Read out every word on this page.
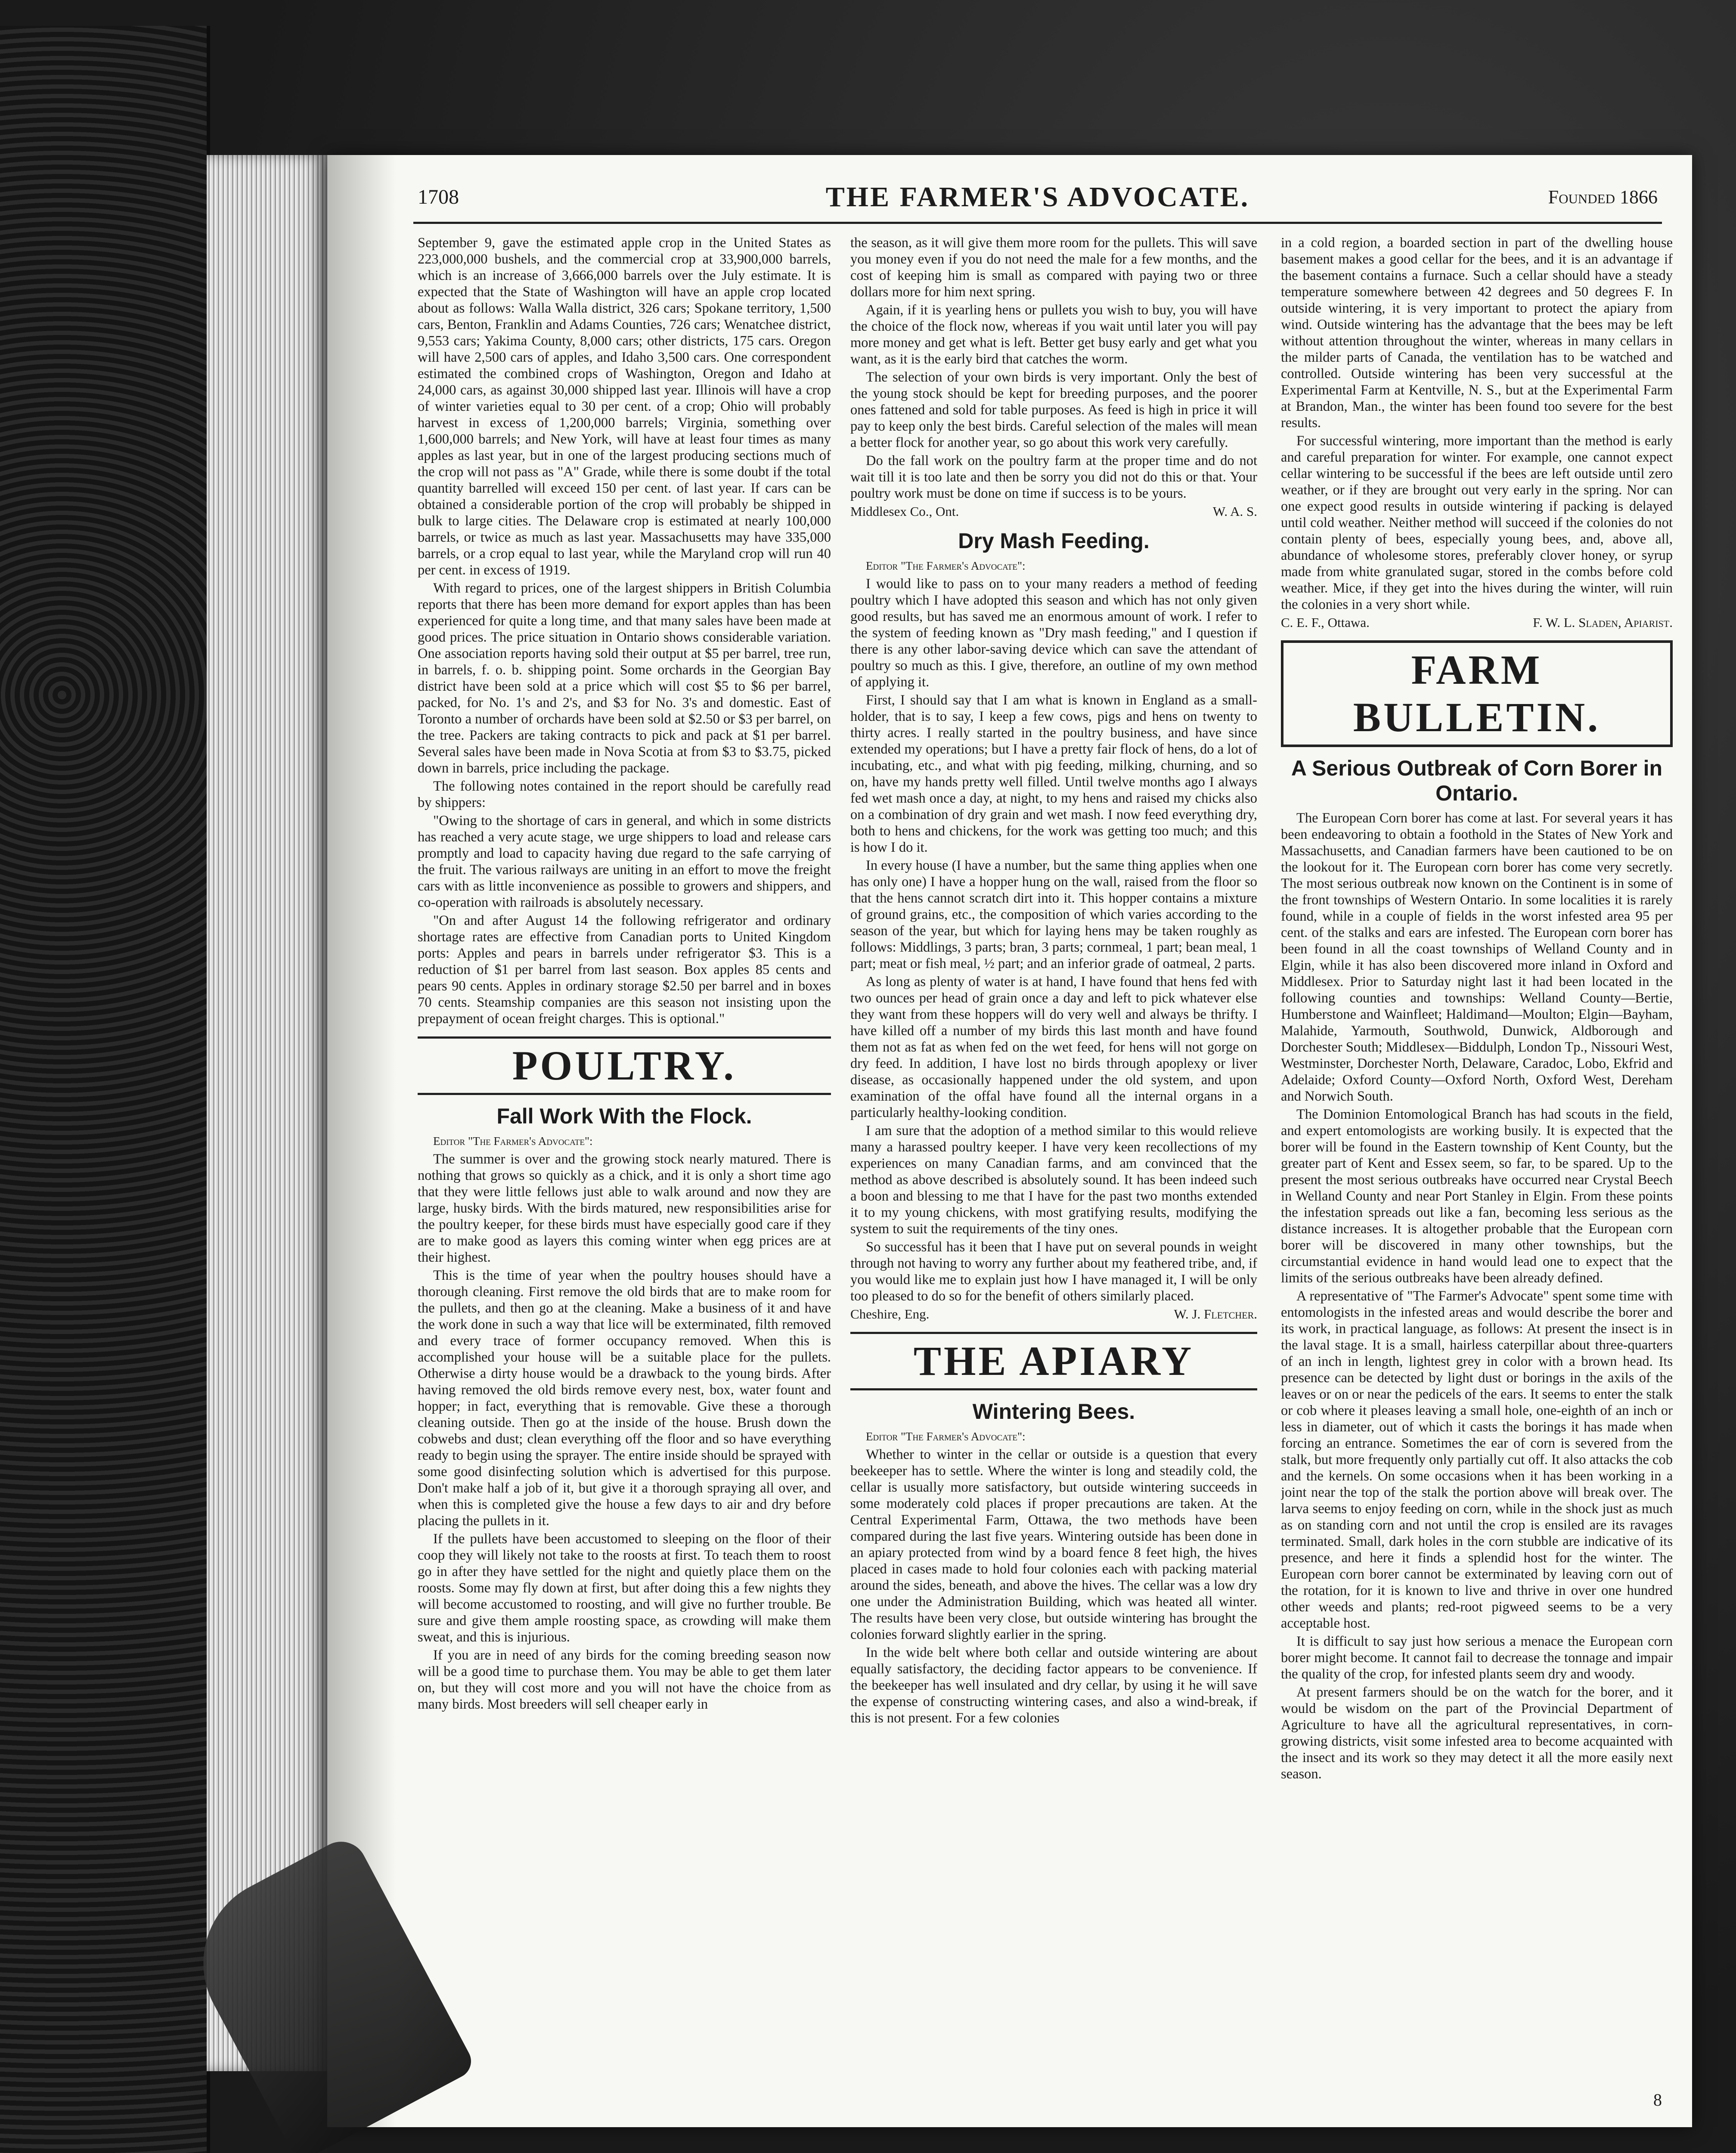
1708	THE FARMER'S ADVOCATE.	Founded 1866

September 9, gave the estimated apple crop in the United States as 223,000,000 bushels, and the commercial crop at 33,900,000 barrels, which is an increase of 3,666,000 barrels over the July estimate. It is expected that the State of Washington will have an apple crop located about as follows: Walla Walla district, 326 cars; Spokane territory, 1,500 cars, Benton, Franklin and Adams Counties, 726 cars; Wenatchee district, 9,553 cars; Yakima County, 8,000 cars; other districts, 175 cars. Oregon will have 2,500 cars of apples, and Idaho 3,500 cars. One correspondent estimated the combined crops of Washington, Oregon and Idaho at 24,000 cars, as against 30,000 shipped last year. Illinois will have a crop of winter varieties equal to 30 per cent. of a crop; Ohio will probably harvest in excess of 1,200,000 barrels; Virginia, something over 1,600,000 barrels; and New York, will have at least four times as many apples as last year, but in one of the largest producing sections much of the crop will not pass as "A" Grade, while there is some doubt if the total quantity barrelled will exceed 150 per cent. of last year. If cars can be obtained a considerable portion of the crop will probably be shipped in bulk to large cities. The Delaware crop is estimated at nearly 100,000 barrels, or twice as much as last year. Massachusetts may have 335,000 barrels, or a crop equal to last year, while the Maryland crop will run 40 per cent. in excess of 1919.

With regard to prices, one of the largest shippers in British Columbia reports that there has been more demand for export apples than has been experienced for quite a long time, and that many sales have been made at good prices. The price situation in Ontario shows considerable variation. One association reports having sold their output at $5 per barrel, tree run, in barrels, f. o. b. shipping point. Some orchards in the Georgian Bay district have been sold at a price which will cost $5 to $6 per barrel, packed, for No. 1's and 2's, and $3 for No. 3's and domestic. East of Toronto a number of orchards have been sold at $2.50 or $3 per barrel, on the tree. Packers are taking contracts to pick and pack at $1 per barrel. Several sales have been made in Nova Scotia at from $3 to $3.75, picked down in barrels, price including the package.

The following notes contained in the report should be carefully read by shippers:

"Owing to the shortage of cars in general, and which in some districts has reached a very acute stage, we urge shippers to load and release cars promptly and load to capacity having due regard to the safe carrying of the fruit. The various railways are uniting in an effort to move the freight cars with as little inconvenience as possible to growers and shippers, and co-operation with railroads is absolutely necessary.

"On and after August 14 the following refrigerator and ordinary shortage rates are effective from Canadian ports to United Kingdom ports: Apples and pears in barrels under refrigerator $3. This is a reduction of $1 per barrel from last season. Box apples 85 cents and pears 90 cents. Apples in ordinary storage $2.50 per barrel and in boxes 70 cents. Steamship companies are this season not insisting upon the prepayment of ocean freight charges. This is optional."

POULTRY.
Fall Work With the Flock.

Editor "The Farmer's Advocate":

The summer is over and the growing stock nearly matured. There is nothing that grows so quickly as a chick, and it is only a short time ago that they were little fellows just able to walk around and now they are large, husky birds. With the birds matured, new responsibilities arise for the poultry keeper, for these birds must have especially good care if they are to make good as layers this coming winter when egg prices are at their highest.

This is the time of year when the poultry houses should have a thorough cleaning. First remove the old birds that are to make room for the pullets, and then go at the cleaning. Make a business of it and have the work done in such a way that lice will be exterminated, filth removed and every trace of former occupancy removed. When this is accomplished your house will be a suitable place for the pullets. Otherwise a dirty house would be a drawback to the young birds. After having removed the old birds remove every nest, box, water fount and hopper; in fact, everything that is removable. Give these a thorough cleaning outside. Then go at the inside of the house. Brush down the cobwebs and dust; clean everything off the floor and so have everything ready to begin using the sprayer. The entire inside should be sprayed with some good disinfecting solution which is advertised for this purpose. Don't make half a job of it, but give it a thorough spraying all over, and when this is completed give the house a few days to air and dry before placing the pullets in it.

If the pullets have been accustomed to sleeping on the floor of their coop they will likely not take to the roosts at first. To teach them to roost go in after they have settled for the night and quietly place them on the roosts. Some may fly down at first, but after doing this a few nights they will become accustomed to roosting, and will give no further trouble. Be sure and give them ample roosting space, as crowding will make them sweat, and this is injurious.

If you are in need of any birds for the coming breeding season now will be a good time to purchase them. You may be able to get them later on, but they will cost more and you will not have the choice from as many birds. Most breeders will sell cheaper early in

the season, as it will give them more room for the pullets. This will save you money even if you do not need the male for a few months, and the cost of keeping him is small as compared with paying two or three dollars more for him next spring.

Again, if it is yearling hens or pullets you wish to buy, you will have the choice of the flock now, whereas if you wait until later you will pay more money and get what is left. Better get busy early and get what you want, as it is the early bird that catches the worm.

The selection of your own birds is very important. Only the best of the young stock should be kept for breeding purposes, and the poorer ones fattened and sold for table purposes. As feed is high in price it will pay to keep only the best birds. Careful selection of the males will mean a better flock for another year, so go about this work very carefully.

Do the fall work on the poultry farm at the proper time and do not wait till it is too late and then be sorry you did not do this or that. Your poultry work must be done on time if success is to be yours.

Middlesex Co., Ont.	W. A. S.
Dry Mash Feeding.

Editor "The Farmer's Advocate":

I would like to pass on to your many readers a method of feeding poultry which I have adopted this season and which has not only given good results, but has saved me an enormous amount of work. I refer to the system of feeding known as "Dry mash feeding," and I question if there is any other labor-saving device which can save the attendant of poultry so much as this. I give, therefore, an outline of my own method of applying it.

First, I should say that I am what is known in England as a small-holder, that is to say, I keep a few cows, pigs and hens on twenty to thirty acres. I really started in the poultry business, and have since extended my operations; but I have a pretty fair flock of hens, do a lot of incubating, etc., and what with pig feeding, milking, churning, and so on, have my hands pretty well filled. Until twelve months ago I always fed wet mash once a day, at night, to my hens and raised my chicks also on a combination of dry grain and wet mash. I now feed everything dry, both to hens and chickens, for the work was getting too much; and this is how I do it.

In every house (I have a number, but the same thing applies when one has only one) I have a hopper hung on the wall, raised from the floor so that the hens cannot scratch dirt into it. This hopper contains a mixture of ground grains, etc., the composition of which varies according to the season of the year, but which for laying hens may be taken roughly as follows: Middlings, 3 parts; bran, 3 parts; cornmeal, 1 part; bean meal, 1 part; meat or fish meal, ½ part; and an inferior grade of oatmeal, 2 parts.

As long as plenty of water is at hand, I have found that hens fed with two ounces per head of grain once a day and left to pick whatever else they want from these hoppers will do very well and always be thrifty. I have killed off a number of my birds this last month and have found them not as fat as when fed on the wet feed, for hens will not gorge on dry feed. In addition, I have lost no birds through apoplexy or liver disease, as occasionally happened under the old system, and upon examination of the offal have found all the internal organs in a particularly healthy-looking condition.

I am sure that the adoption of a method similar to this would relieve many a harassed poultry keeper. I have very keen recollections of my experiences on many Canadian farms, and am convinced that the method as above described is absolutely sound. It has been indeed such a boon and blessing to me that I have for the past two months extended it to my young chickens, with most gratifying results, modifying the system to suit the requirements of the tiny ones.

So successful has it been that I have put on several pounds in weight through not having to worry any further about my feathered tribe, and, if you would like me to explain just how I have managed it, I will be only too pleased to do so for the benefit of others similarly placed.

Cheshire, Eng.	W. J. Fletcher.
THE APIARY
Wintering Bees.

Editor "The Farmer's Advocate":

Whether to winter in the cellar or outside is a question that every beekeeper has to settle. Where the winter is long and steadily cold, the cellar is usually more satisfactory, but outside wintering succeeds in some moderately cold places if proper precautions are taken. At the Central Experimental Farm, Ottawa, the two methods have been compared during the last five years. Wintering outside has been done in an apiary protected from wind by a board fence 8 feet high, the hives placed in cases made to hold four colonies each with packing material around the sides, beneath, and above the hives. The cellar was a low dry one under the Administration Building, which was heated all winter. The results have been very close, but outside wintering has brought the colonies forward slightly earlier in the spring.

In the wide belt where both cellar and outside wintering are about equally satisfactory, the deciding factor appears to be convenience. If the beekeeper has well insulated and dry cellar, by using it he will save the expense of constructing wintering cases, and also a wind-break, if this is not present. For a few colonies

in a cold region, a boarded section in part of the dwelling house basement makes a good cellar for the bees, and it is an advantage if the basement contains a furnace. Such a cellar should have a steady temperature somewhere between 42 degrees and 50 degrees F. In outside wintering, it is very important to protect the apiary from wind. Outside wintering has the advantage that the bees may be left without attention throughout the winter, whereas in many cellars in the milder parts of Canada, the ventilation has to be watched and controlled. Outside wintering has been very successful at the Experimental Farm at Kentville, N. S., but at the Experimental Farm at Brandon, Man., the winter has been found too severe for the best results.

For successful wintering, more important than the method is early and careful preparation for winter. For example, one cannot expect cellar wintering to be successful if the bees are left outside until zero weather, or if they are brought out very early in the spring. Nor can one expect good results in outside wintering if packing is delayed until cold weather. Neither method will succeed if the colonies do not contain plenty of bees, especially young bees, and, above all, abundance of wholesome stores, preferably clover honey, or syrup made from white granulated sugar, stored in the combs before cold weather. Mice, if they get into the hives during the winter, will ruin the colonies in a very short while.

C. E. F., Ottawa.	F. W. L. Sladen, Apiarist.
FARM BULLETIN.
A Serious Outbreak of Corn Borer in Ontario.

The European Corn borer has come at last. For several years it has been endeavoring to obtain a foothold in the States of New York and Massachusetts, and Canadian farmers have been cautioned to be on the lookout for it. The European corn borer has come very secretly. The most serious outbreak now known on the Continent is in some of the front townships of Western Ontario. In some localities it is rarely found, while in a couple of fields in the worst infested area 95 per cent. of the stalks and ears are infested. The European corn borer has been found in all the coast townships of Welland County and in Elgin, while it has also been discovered more inland in Oxford and Middlesex. Prior to Saturday night last it had been located in the following counties and townships: Welland County—Bertie, Humberstone and Wainfleet; Haldimand—Moulton; Elgin—Bayham, Malahide, Yarmouth, Southwold, Dunwick, Aldborough and Dorchester South; Middlesex—Biddulph, London Tp., Nissouri West, Westminster, Dorchester North, Delaware, Caradoc, Lobo, Ekfrid and Adelaide; Oxford County—Oxford North, Oxford West, Dereham and Norwich South.

The Dominion Entomological Branch has had scouts in the field, and expert entomologists are working busily. It is expected that the borer will be found in the Eastern township of Kent County, but the greater part of Kent and Essex seem, so far, to be spared. Up to the present the most serious outbreaks have occurred near Crystal Beech in Welland County and near Port Stanley in Elgin. From these points the infestation spreads out like a fan, becoming less serious as the distance increases. It is altogether probable that the European corn borer will be discovered in many other townships, but the circumstantial evidence in hand would lead one to expect that the limits of the serious outbreaks have been already defined.

A representative of "The Farmer's Advocate" spent some time with entomologists in the infested areas and would describe the borer and its work, in practical language, as follows: At present the insect is in the laval stage. It is a small, hairless caterpillar about three-quarters of an inch in length, lightest grey in color with a brown head. Its presence can be detected by light dust or borings in the axils of the leaves or on or near the pedicels of the ears. It seems to enter the stalk or cob where it pleases leaving a small hole, one-eighth of an inch or less in diameter, out of which it casts the borings it has made when forcing an entrance. Sometimes the ear of corn is severed from the stalk, but more frequently only partially cut off. It also attacks the cob and the kernels. On some occasions when it has been working in a joint near the top of the stalk the portion above will break over. The larva seems to enjoy feeding on corn, while in the shock just as much as on standing corn and not until the crop is ensiled are its ravages terminated. Small, dark holes in the corn stubble are indicative of its presence, and here it finds a splendid host for the winter. The European corn borer cannot be exterminated by leaving corn out of the rotation, for it is known to live and thrive in over one hundred other weeds and plants; red-root pigweed seems to be a very acceptable host.

It is difficult to say just how serious a menace the European corn borer might become. It cannot fail to decrease the tonnage and impair the quality of the crop, for infested plants seem dry and woody.

At present farmers should be on the watch for the borer, and it would be wisdom on the part of the Provincial Department of Agriculture to have all the agricultural representatives, in corn-growing districts, visit some infested area to become acquainted with the insect and its work so they may detect it all the more easily next season.

8
